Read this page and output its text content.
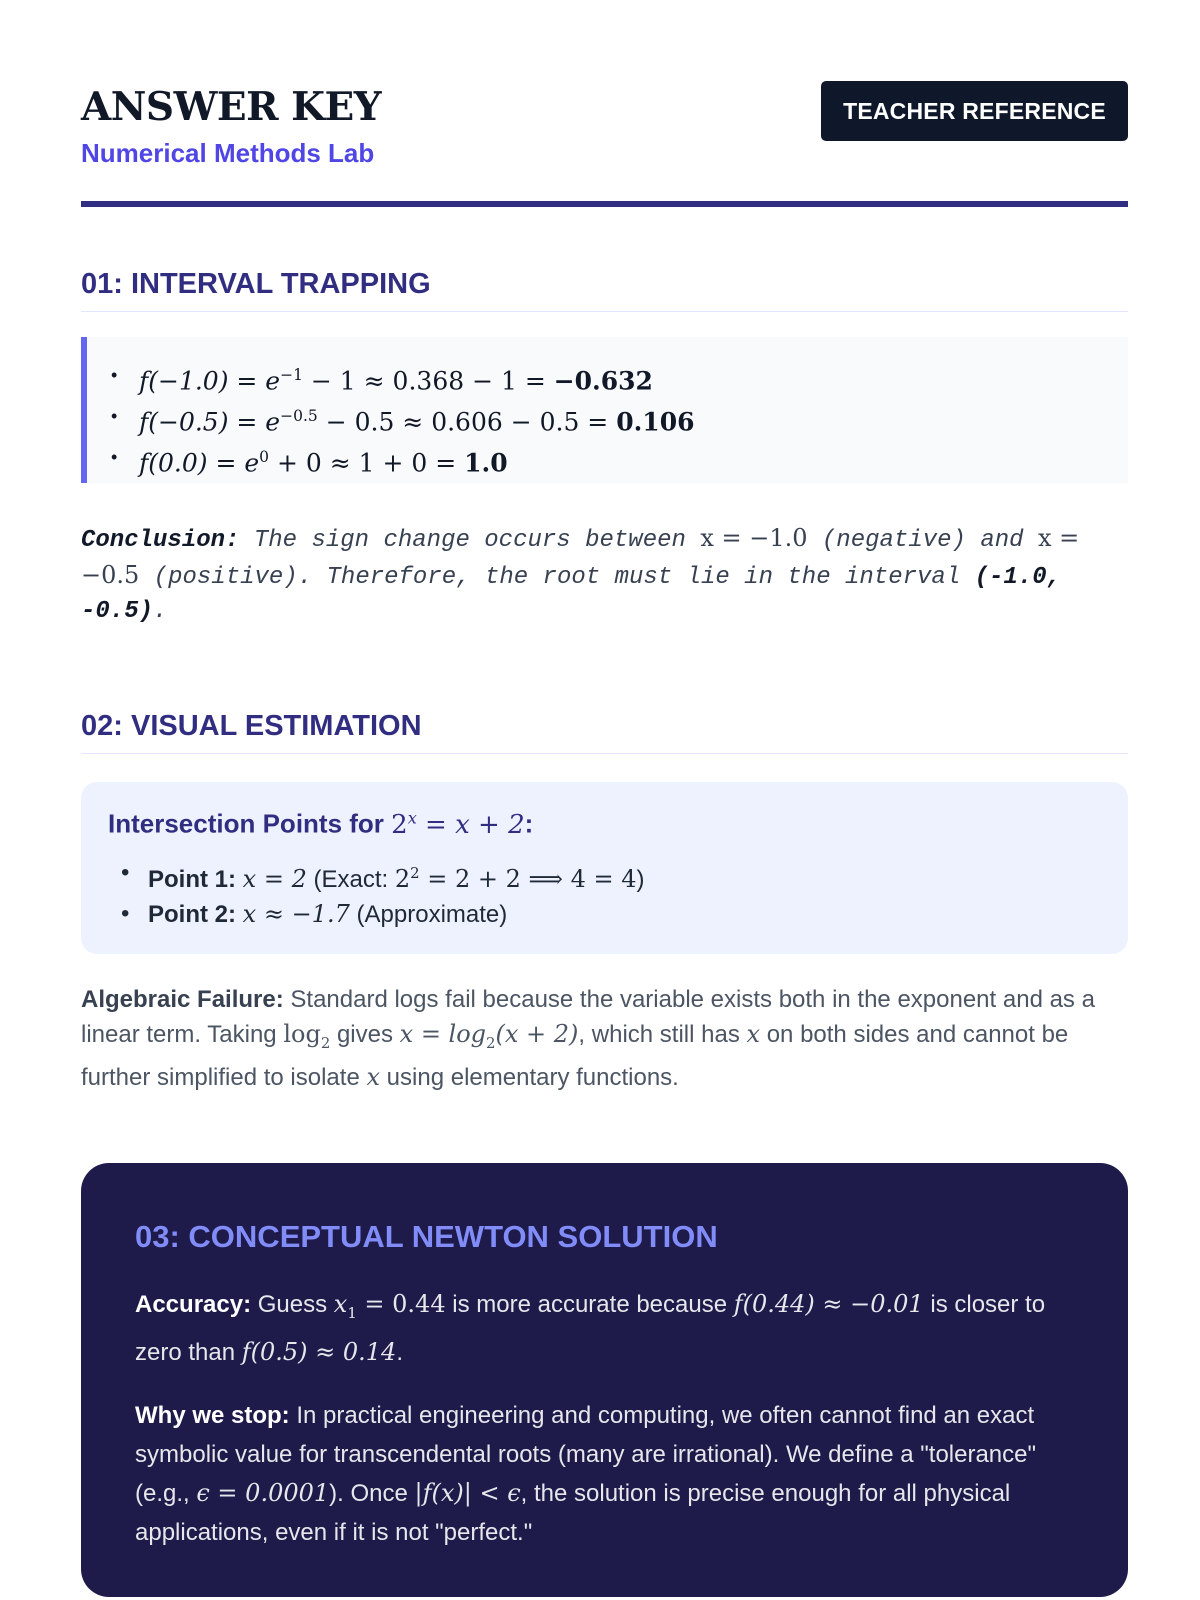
ANSWER KEY
Numerical Methods Lab
TEACHER REFERENCE
01: INTERVAL TRAPPING
• $f(-1.0) = e^{-1} - 1 \approx 0.368 - 1 = -0.632$
• $f(-0.5) = e^{-0.5} - 0.5 \approx 0.606 - 0.5 = 0.106$
• $f(0.0) = e^0 + 0 \approx 1 + 0 = 1.0$
Conclusion: The sign change occurs between x = −1.0 (negative) and x = −0.5 (positive). Therefore, the root must lie in the interval (-1.0, -0.5).
02: VISUAL ESTIMATION
Intersection Points for $2^x = x + 2$:
• Point 1: x = 2 (Exact: $2^2 = 2 + 2$ ⟹ 4 = 4)
• Point 2: x ≈ −1.7 (Approximate)
Algebraic Failure: Standard logs fail because the variable exists both in the exponent and as a linear term. Taking $\log_2$ gives $x = \log_2(x + 2)$, which still has x on both sides and cannot be further simplified to isolate x using elementary functions.
03: CONCEPTUAL NEWTON SOLUTION
Accuracy: Guess $x_1 = 0.44$ is more accurate because f(0.44) ≈ −0.01 is closer to zero than f(0.5) ≈ 0.14.
Why we stop: In practical engineering and computing, we often cannot find an exact symbolic value for transcendental roots (many are irrational). We define a "tolerance" (e.g., ϵ = 0.0001). Once |f(x)| < ϵ, the solution is precise enough for all physical applications, even if it is not "perfect."
